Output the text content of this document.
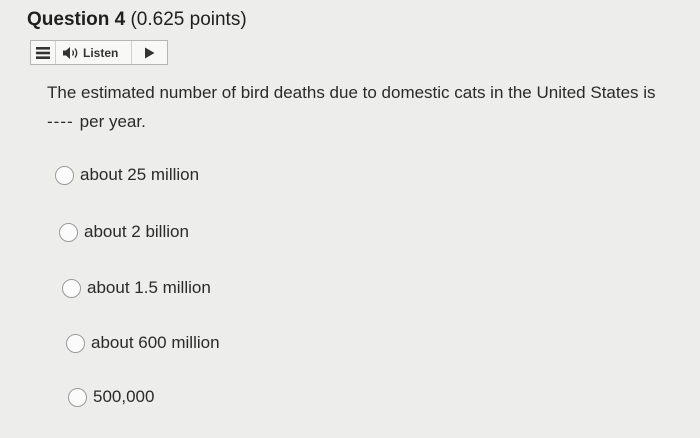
Question 4 (0.625 points)
Listen
The estimated number of bird deaths due to domestic cats in the United States is
---- per year.
about 25 million
about 2 billion
about 1.5 million
about 600 million
500,000
